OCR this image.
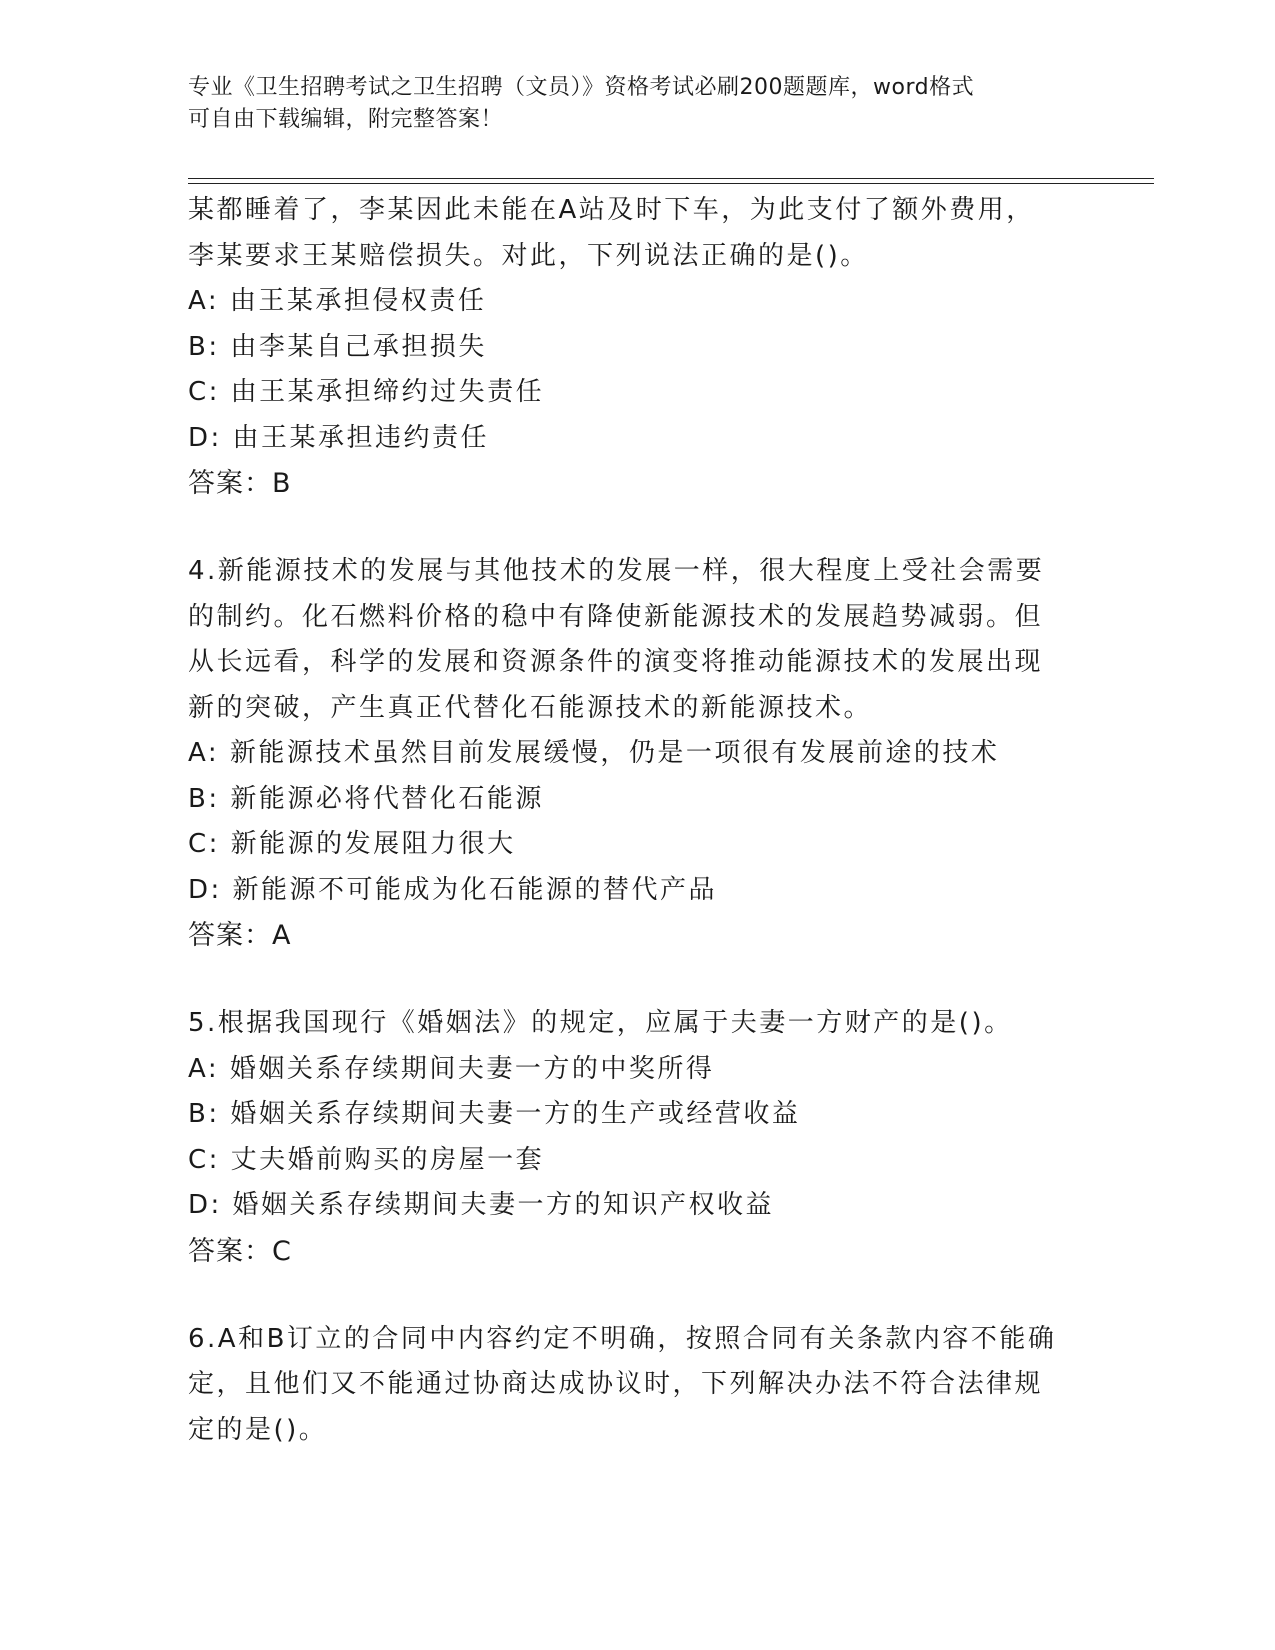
专业《卫生招聘考试之卫生招聘（文员）》资格考试必刷200题题库，word格式
可自由下载编辑，附完整答案！
某都睡着了，李某因此未能在A站及时下车，为此支付了额外费用，
李某要求王某赔偿损失。对此，下列说法正确的是()。
A: 由王某承担侵权责任
B: 由李某自己承担损失
C: 由王某承担缔约过失责任
D: 由王某承担违约责任
答案：B
4.新能源技术的发展与其他技术的发展一样，很大程度上受社会需要
的制约。化石燃料价格的稳中有降使新能源技术的发展趋势减弱。但
从长远看，科学的发展和资源条件的演变将推动能源技术的发展出现
新的突破，产生真正代替化石能源技术的新能源技术。
A: 新能源技术虽然目前发展缓慢，仍是一项很有发展前途的技术
B: 新能源必将代替化石能源
C: 新能源的发展阻力很大
D: 新能源不可能成为化石能源的替代产品
答案：A
5.根据我国现行《婚姻法》的规定，应属于夫妻一方财产的是()。
A: 婚姻关系存续期间夫妻一方的中奖所得
B: 婚姻关系存续期间夫妻一方的生产或经营收益
C: 丈夫婚前购买的房屋一套
D: 婚姻关系存续期间夫妻一方的知识产权收益
答案：C
6.A和B订立的合同中内容约定不明确，按照合同有关条款内容不能确
定，且他们又不能通过协商达成协议时，下列解决办法不符合法律规
定的是()。
